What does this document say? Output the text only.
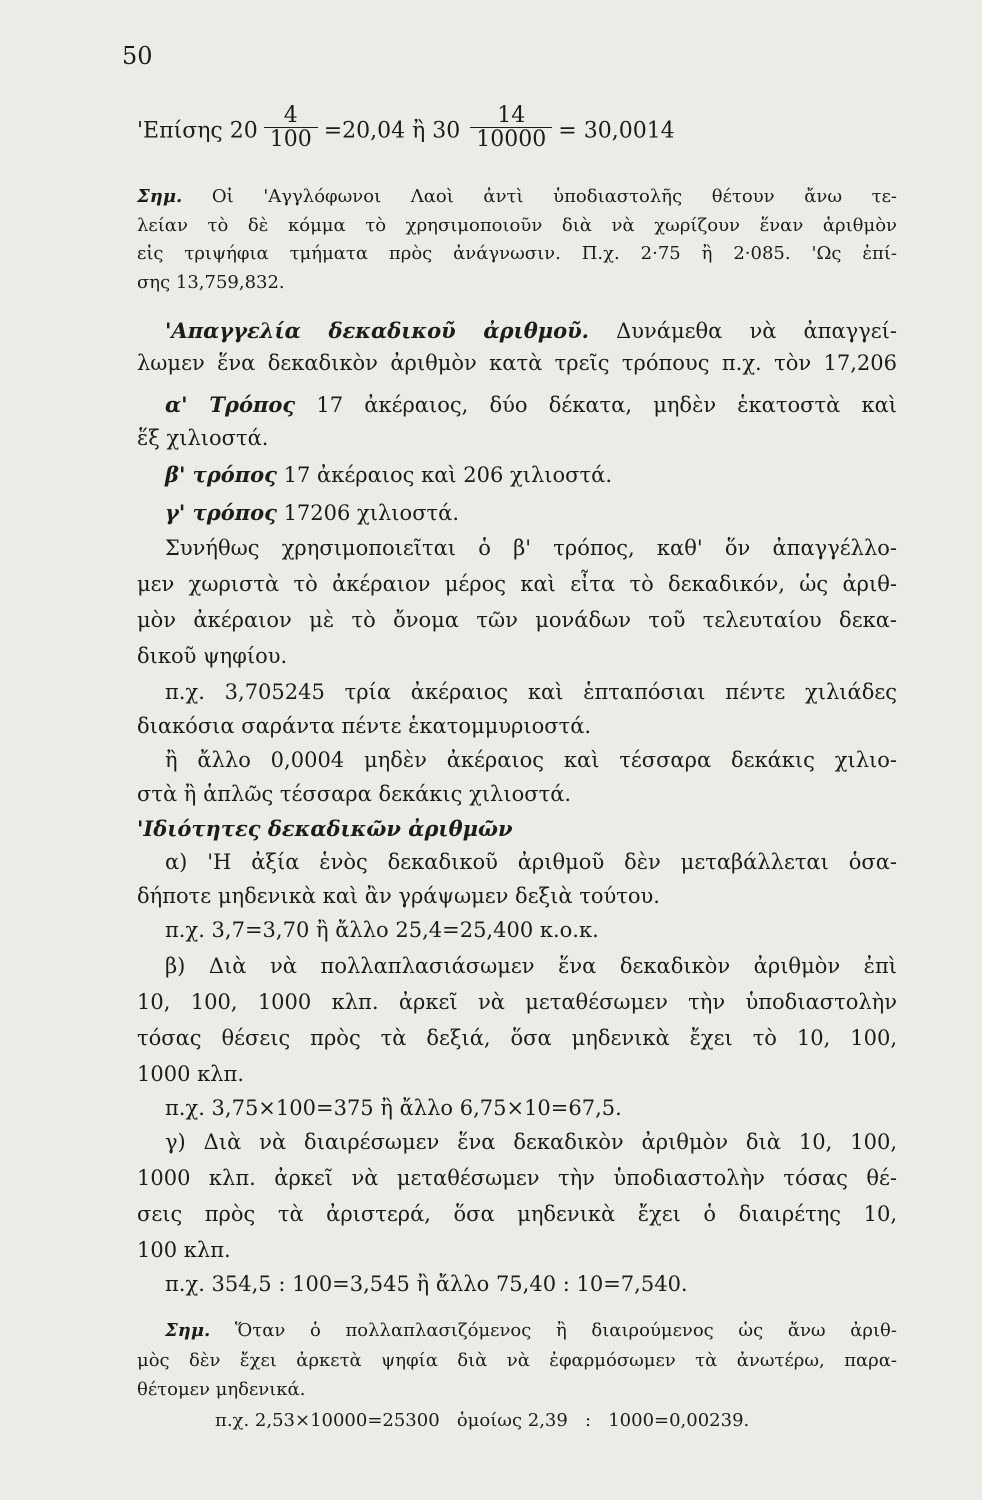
50
'Επίσης $20 \frac{4}{100} =20,04$ ἢ $30 \frac{14}{10000} = 30,0014$
Σημ. Οἱ 'Αγγλόφωνοι Λαοὶ ἀντὶ ὑποδιαστολῆς θέτουν ἄνω τε-
λείαν τὸ δὲ κόμμα τὸ χρησιμοποιοῦν διὰ νὰ χωρίζουν ἕναν ἀριθμὸν
εἰς τριψήφια τμήματα πρὸς ἀνάγνωσιν. Π.χ. 2·75 ἢ 2·085. 'Ως ἐπί-
σης 13,759,832.
'Απαγγελία δεκαδικοῦ ἀριθμοῦ. Δυνάμεθα νὰ ἀπαγγεί-
λωμεν ἕνα δεκαδικὸν ἀριθμὸν κατὰ τρεῖς τρόπους π.χ. τὸν 17,206
α' Τρόπος 17 ἀκέραιος, δύο δέκατα, μηδὲν ἑκατοστὰ καὶ
ἕξ χιλιοστά.
β' τρόπος 17 ἀκέραιος καὶ 206 χιλιοστά.
γ' τρόπος 17206 χιλιοστά.
Συνήθως χρησιμοποιεῖται ὁ β' τρόπος, καθ' ὅν ἀπαγγέλλο-
μεν χωριστὰ τὸ ἀκέραιον μέρος καὶ εἶτα τὸ δεκαδικόν, ὡς ἀριθ-
μὸν ἀκέραιον μὲ τὸ ὄνομα τῶν μονάδων τοῦ τελευταίου δεκα-
δικοῦ ψηφίου.
π.χ. 3,705245 τρία ἀκέραιος καὶ ἑπταπόσιαι πέντε χιλιάδες
διακόσια σαράντα πέντε ἑκατομμυριοστά.
ἢ ἄλλο 0,0004 μηδὲν ἀκέραιος καὶ τέσσαρα δεκάκις χιλιο-
στὰ ἢ ἁπλῶς τέσσαρα δεκάκις χιλιοστά.
'Ιδιότητες δεκαδικῶν ἀριθμῶν
α) 'Η ἀξία ἑνὸς δεκαδικοῦ ἀριθμοῦ δὲν μεταβάλλεται ὁσα-
δήποτε μηδενικὰ καὶ ἂν γράψωμεν δεξιὰ τούτου.
π.χ. 3,7=3,70 ἢ ἄλλο 25,4=25,400 κ.ο.κ.
β) Διὰ νὰ πολλαπλασιάσωμεν ἕνα δεκαδικὸν ἀριθμὸν ἐπὶ
10, 100, 1000 κλπ. ἀρκεῖ νὰ μεταθέσωμεν τὴν ὑποδιαστολὴν
τόσας θέσεις πρὸς τὰ δεξιά, ὅσα μηδενικὰ ἔχει τὸ 10, 100,
1000 κλπ.
π.χ. 3,75×100=375 ἢ ἄλλο 6,75×10=67,5.
γ) Διὰ νὰ διαιρέσωμεν ἕνα δεκαδικὸν ἀριθμὸν διὰ 10, 100,
1000 κλπ. ἀρκεῖ νὰ μεταθέσωμεν τὴν ὑποδιαστολὴν τόσας θέ-
σεις πρὸς τὰ ἀριστερά, ὅσα μηδενικὰ ἔχει ὁ διαιρέτης 10,
100 κλπ.
π.χ. 354,5 : 100=3,545 ἢ ἄλλο 75,40 : 10=7,540.
Σημ. Ὅταν ὁ πολλαπλασιζόμενος ἢ διαιρούμενος ὡς ἄνω ἀριθ-
μὸς δὲν ἔχει ἀρκετὰ ψηφία διὰ νὰ ἐφαρμόσωμεν τὰ ἀνωτέρω, παρα-
θέτομεν μηδενικά.
π.χ. 2,53×10000=25300   ὁμοίως 2,39   :   1000=0,00239.
